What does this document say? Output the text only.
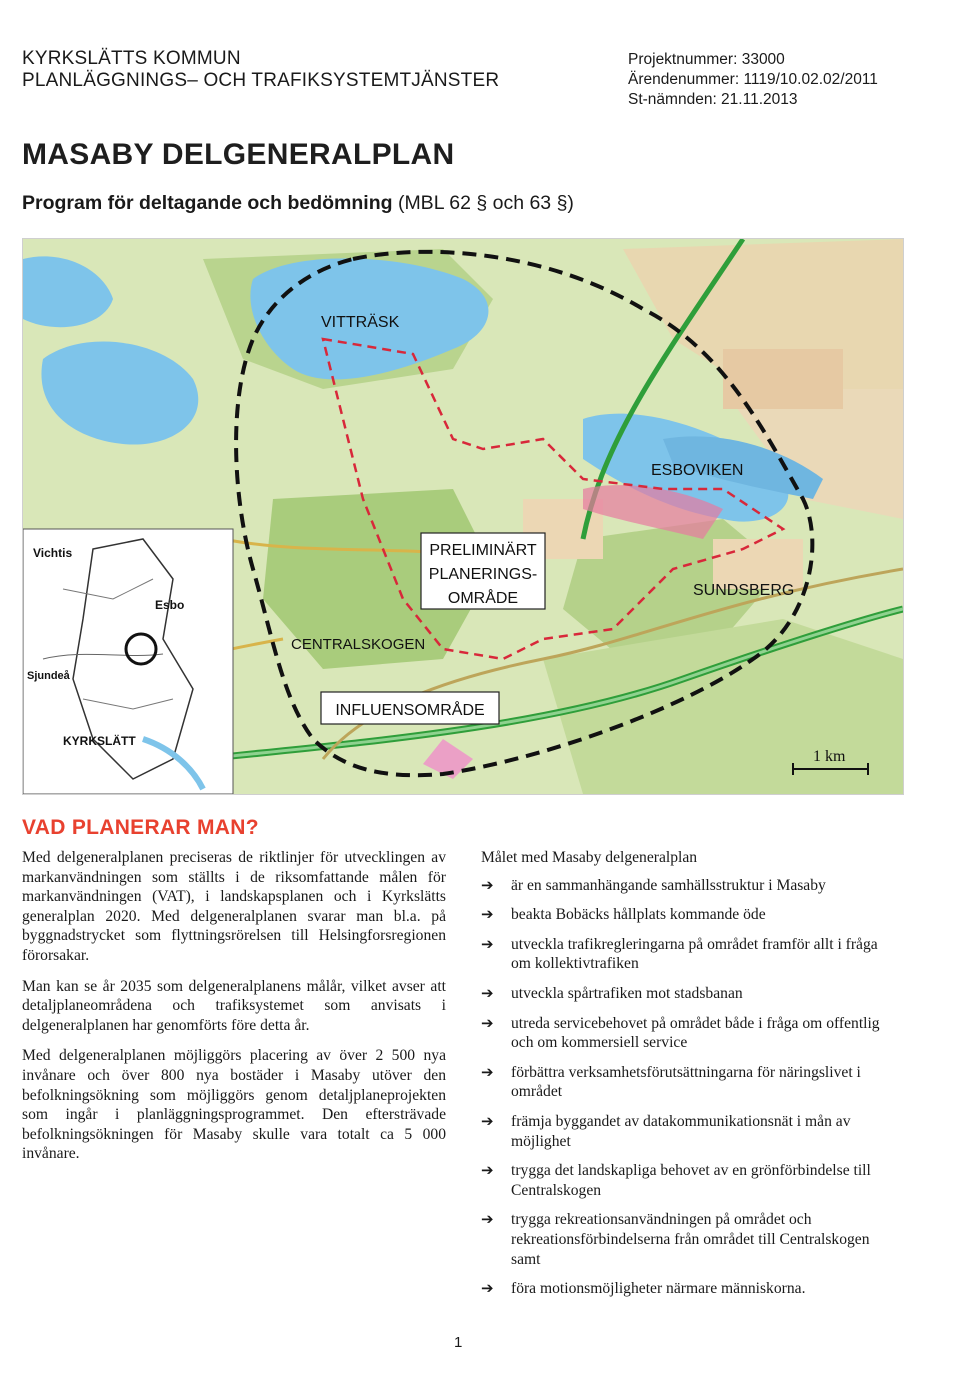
KYRKSLÄTTS KOMMUN
PLANLÄGGNINGS– OCH TRAFIKSYSTEMTJÄNSTER
Projektnummer: 33000
Ärendenummer: 1119/10.02.02/2011
St-nämnden: 21.11.2013
MASABY DELGENERALPLAN
Program för deltagande och bedömning (MBL 62 § och 63 §)
VITTRÄSK
ESBOVIKEN
SUNDSBERG
CENTRALSKOGEN
PRELIMINÄRT
PLANERINGS-
OMRÅDE
INFLUENSOMRÅDE
1 km
Vichtis
Esbo
Sjundeå
KYRKSLÄTT
VAD PLANERAR MAN?

Med delgeneralplanen preciseras de riktlinjer för utvecklingen av markanvändningen som ställts i de riksomfattande målen för markanvändningen (VAT), i landskapsplanen och i Kyrkslätts generalplan 2020. Med delgeneralplanen svarar man bl.a. på byggnadstrycket som flyttningsrörelsen till Helsingforsregionen förorsakar.

Man kan se år 2035 som delgeneralplanens målår, vilket avser att detaljplaneområdena och trafiksystemet som anvisats i delgeneralplanen har genomförts före detta år.

Med delgeneralplanen möjliggörs placering av över 2 500 nya invånare och över 800 nya bostäder i Masaby utöver den befolkningsökning som möjliggörs genom detaljplaneprojekten som ingår i planläggningsprogrammet. Den eftersträvade befolkningsökningen för Masaby skulle vara totalt ca 5 000 invånare.

Målet med Masaby delgeneralplan

➔ är en sammanhängande samhällsstruktur i Masaby
➔ beakta Bobäcks hållplats kommande öde
➔ utveckla trafikregleringarna på området framför allt i fråga om kollektivtrafiken
➔ utveckla spårtrafiken mot stadsbanan
➔ utreda servicebehovet på området både i fråga om offentlig och om kommersiell service
➔ förbättra verksamhetsförutsättningarna för näringslivet i området
➔ främja byggandet av datakommunikationsnät i mån av möjlighet
➔ trygga det landskapliga behovet av en grönförbindelse till Centralskogen
➔ trygga rekreationsanvändningen på området och rekreationsförbindelserna från området till Centralskogen samt
➔ föra motionsmöjligheter närmare människorna.
1
